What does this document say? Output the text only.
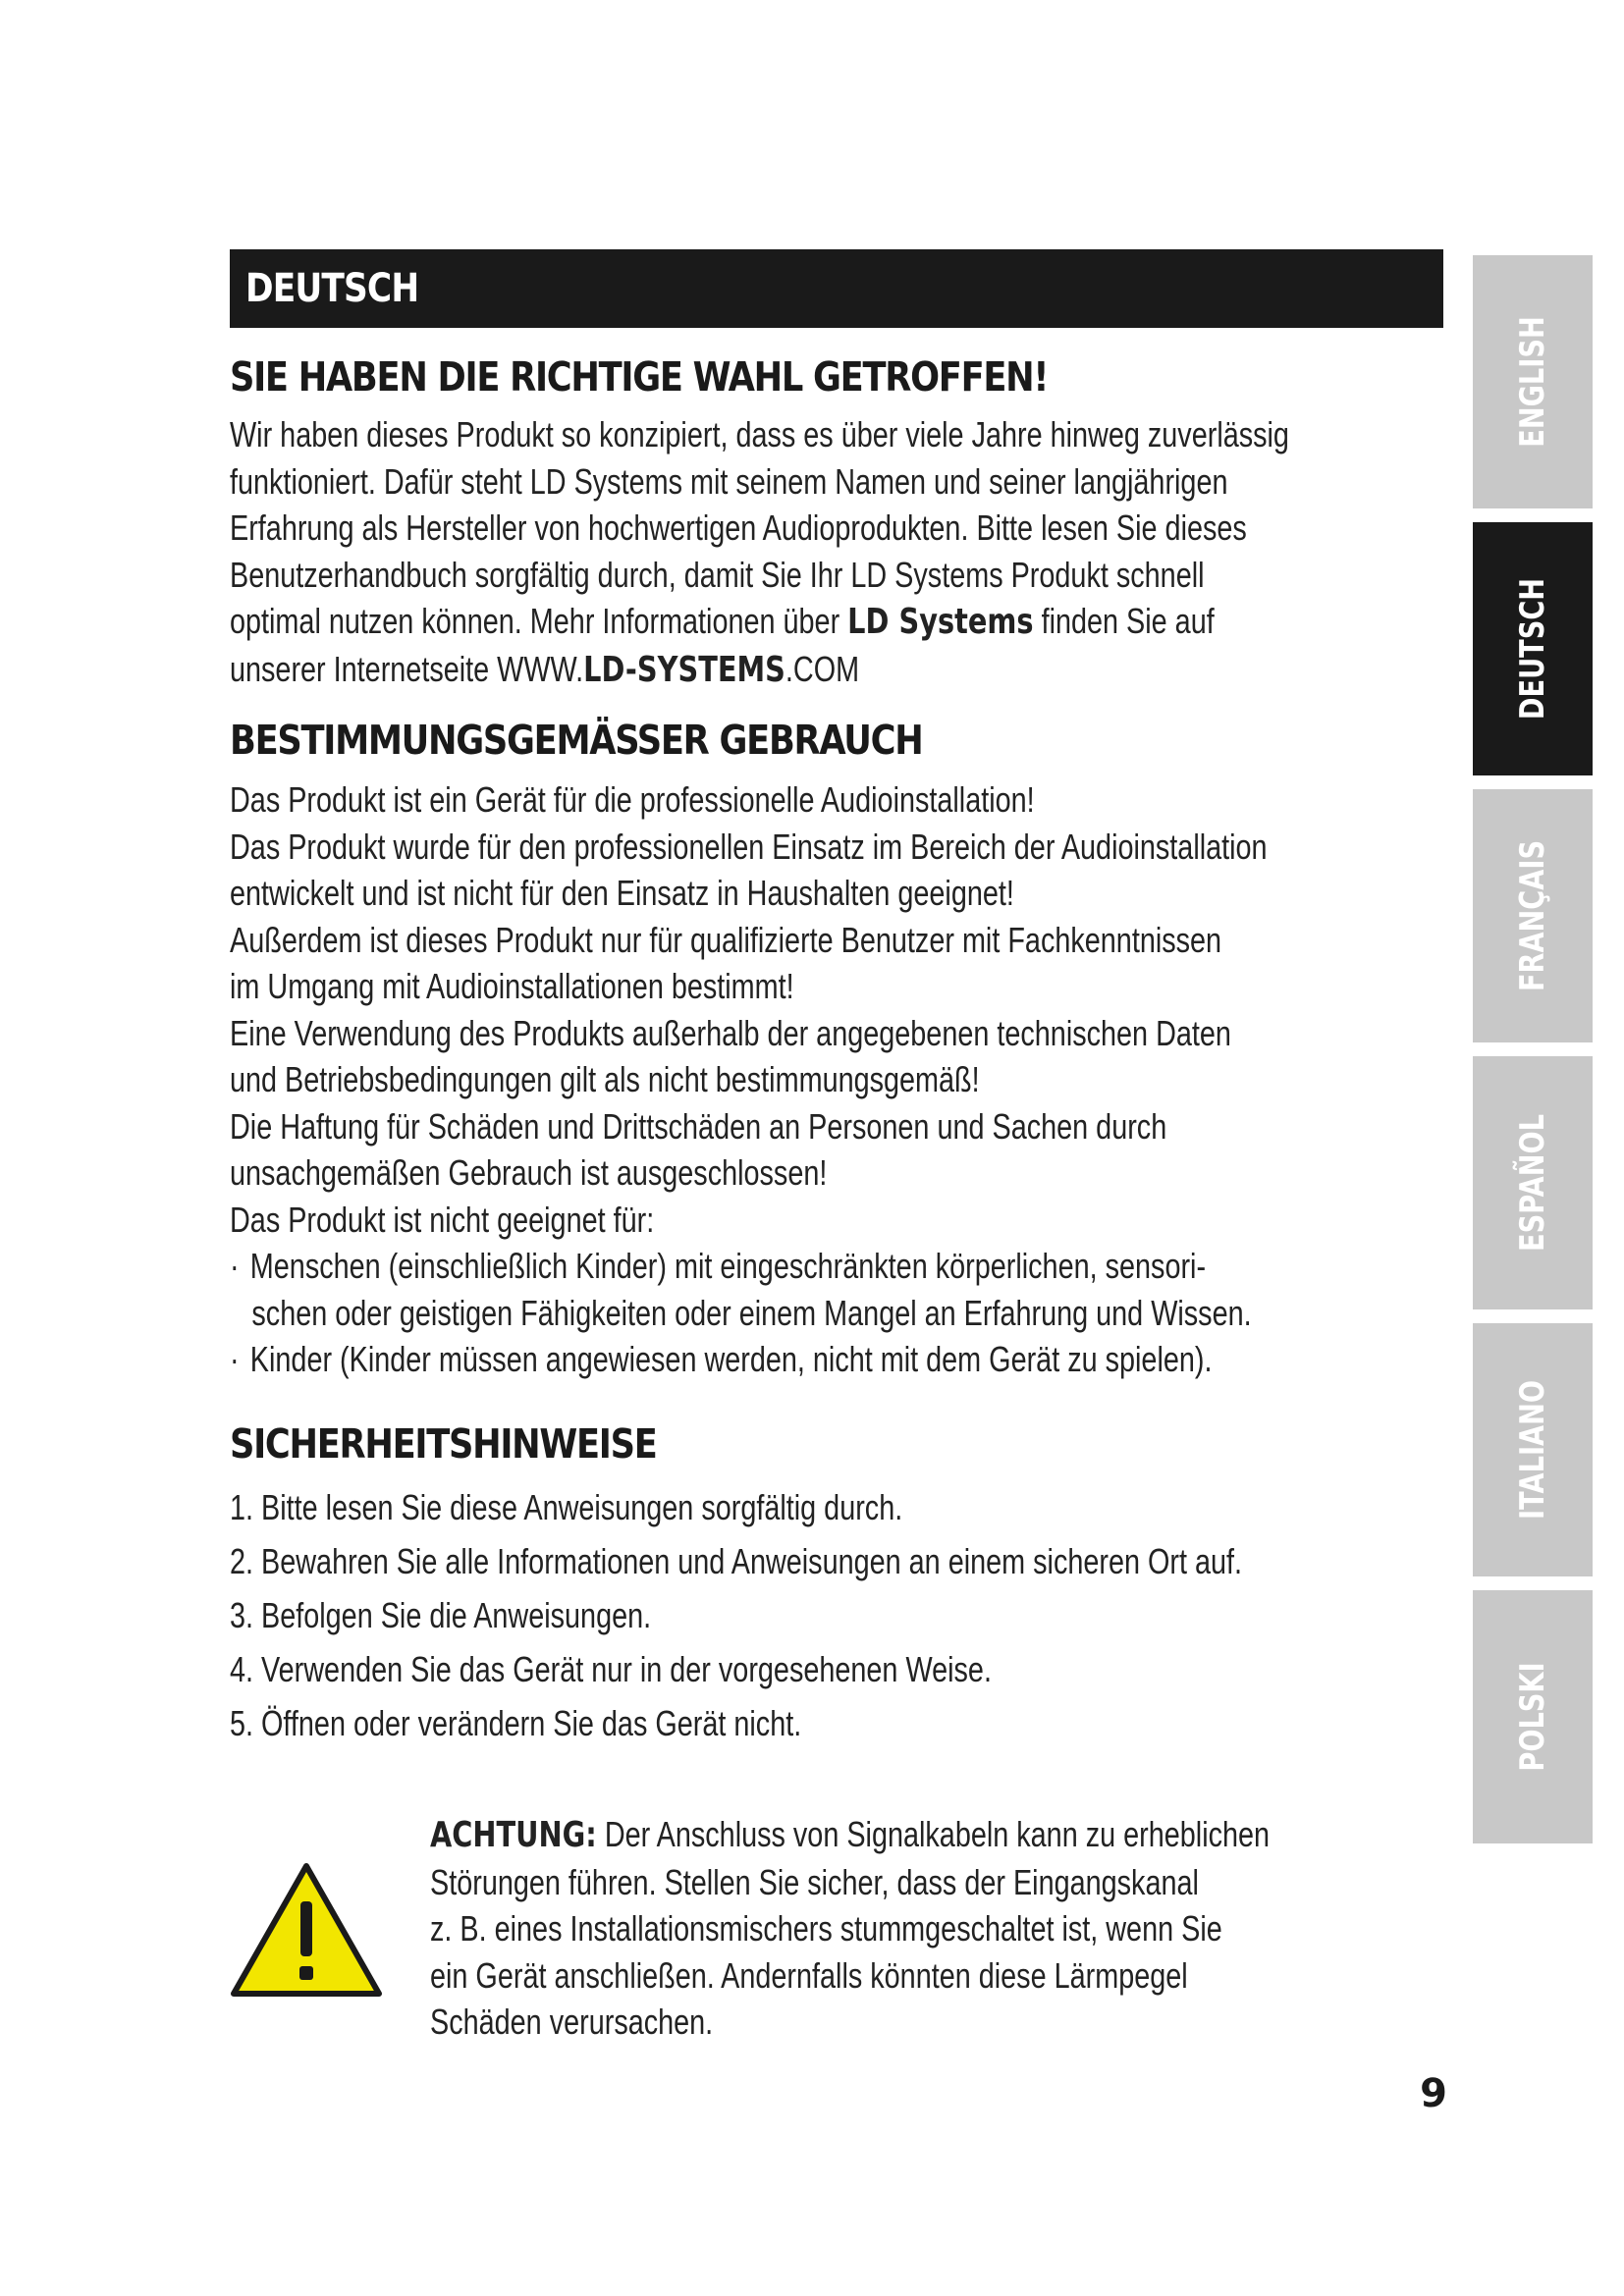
DEUTSCH
SIE HABEN DIE RICHTIGE WAHL GETROFFEN!
Wir haben dieses Produkt so konzipiert, dass es über viele Jahre hinweg zuverlässig
funktioniert. Dafür steht LD Systems mit seinem Namen und seiner langjährigen
Erfahrung als Hersteller von hochwertigen Audioprodukten. Bitte lesen Sie dieses
Benutzerhandbuch sorgfältig durch, damit Sie Ihr LD Systems Produkt schnell
optimal nutzen können. Mehr Informationen über LD Systems finden Sie auf
unserer Internetseite WWW.LD-SYSTEMS.COM
BESTIMMUNGSGEMÄSSER GEBRAUCH
Das Produkt ist ein Gerät für die professionelle Audioinstallation!
Das Produkt wurde für den professionellen Einsatz im Bereich der Audioinstallation
entwickelt und ist nicht für den Einsatz in Haushalten geeignet!
Außerdem ist dieses Produkt nur für qualifizierte Benutzer mit Fachkenntnissen
im Umgang mit Audioinstallationen bestimmt!
Eine Verwendung des Produkts außerhalb der angegebenen technischen Daten
und Betriebsbedingungen gilt als nicht bestimmungsgemäß!
Die Haftung für Schäden und Drittschäden an Personen und Sachen durch
unsachgemäßen Gebrauch ist ausgeschlossen!
Das Produkt ist nicht geeignet für:
· Menschen (einschließlich Kinder) mit eingeschränkten körperlichen, sensori-
schen oder geistigen Fähigkeiten oder einem Mangel an Erfahrung und Wissen.
· Kinder (Kinder müssen angewiesen werden, nicht mit dem Gerät zu spielen).
SICHERHEITSHINWEISE
1. Bitte lesen Sie diese Anweisungen sorgfältig durch.
2. Bewahren Sie alle Informationen und Anweisungen an einem sicheren Ort auf.
3. Befolgen Sie die Anweisungen.
4. Verwenden Sie das Gerät nur in der vorgesehenen Weise.
5. Öffnen oder verändern Sie das Gerät nicht.
ACHTUNG: Der Anschluss von Signalkabeln kann zu erheblichen
Störungen führen. Stellen Sie sicher, dass der Eingangskanal
z. B. eines Installationsmischers stummgeschaltet ist, wenn Sie
ein Gerät anschließen. Andernfalls könnten diese Lärmpegel
Schäden verursachen.
9
ENGLISH
DEUTSCH
FRANÇAIS
ESPAÑOL
ITALIANO
POLSKI
